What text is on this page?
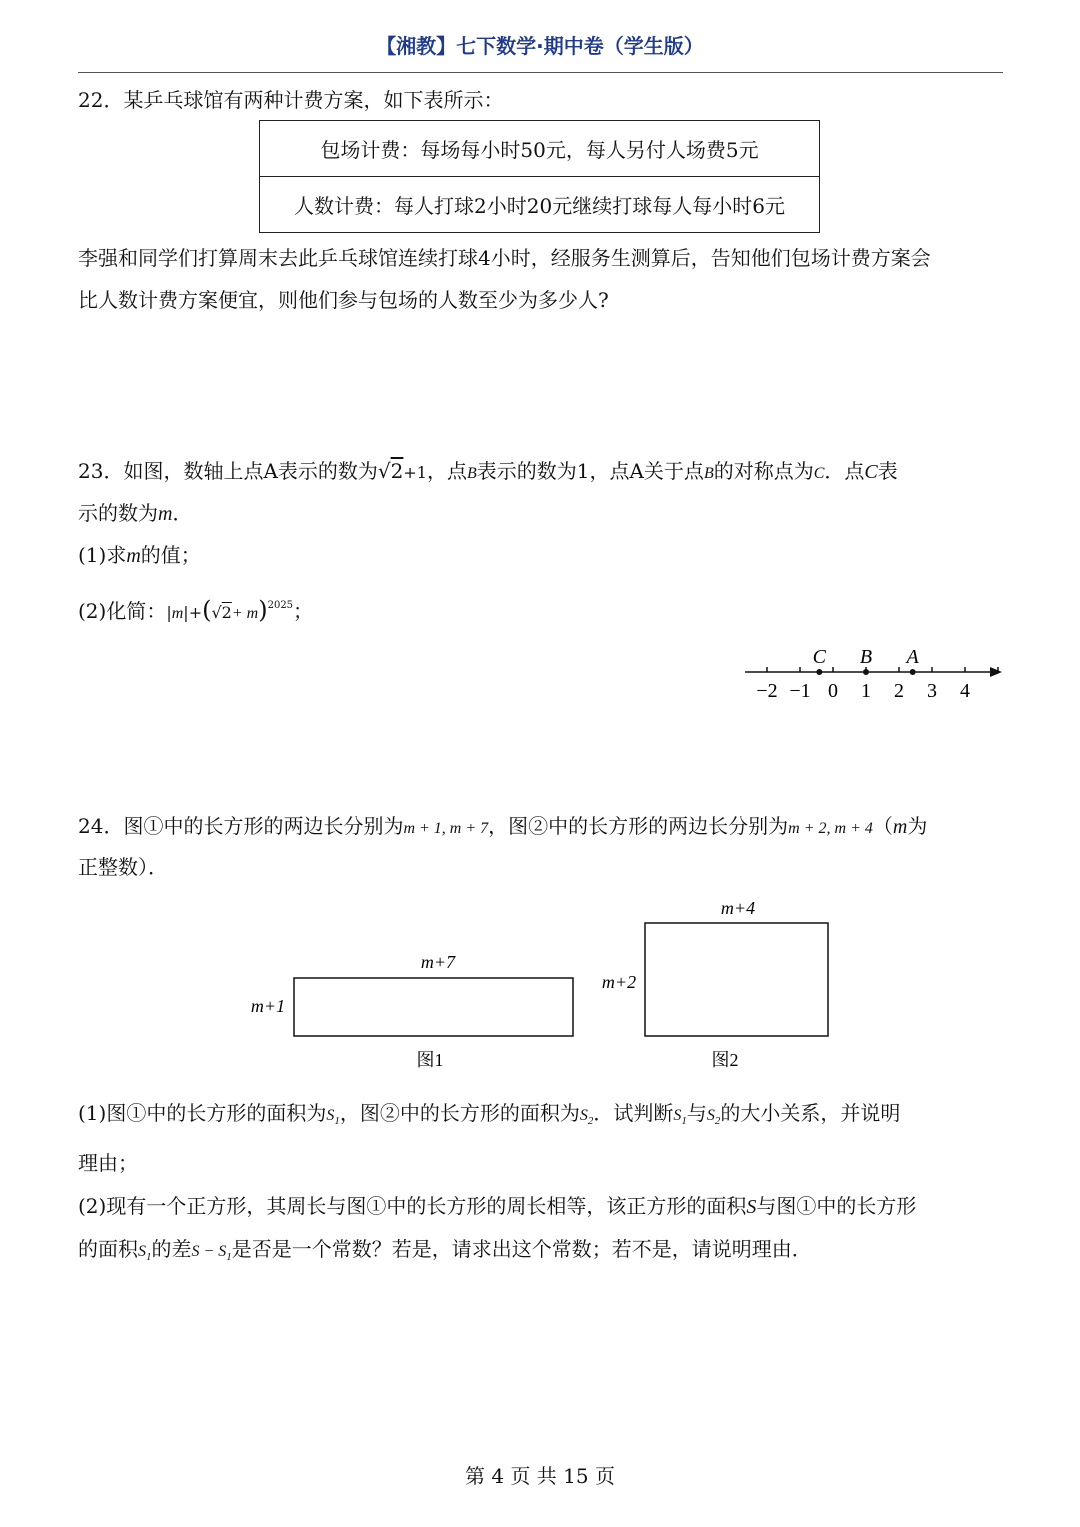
【湘教】七下数学·期中卷（学生版）
22．某乒乓球馆有两种计费方案，如下表所示：
包场计费：每场每小时50元，每人另付人场费5元
人数计费：每人打球2小时20元继续打球每人每小时6元
李强和同学们打算周末去此乒乓球馆连续打球4小时，经服务生测算后，告知他们包场计费方案会
比人数计费方案便宜，则他们参与包场的人数至少为多少人?
23．如图，数轴上点A表示的数为√2+1，点B表示的数为1，点A关于点B的对称点为C．点C表
示的数为m．
(1)求m的值；
(2)化简：$|m|+(√2+ m)^{2025}$；
−2 −1 0 1 2 3 4
C B A
24．图①中的长方形的两边长分别为m + 1, m + 7，图②中的长方形的两边长分别为m + 2, m + 4（m为
正整数）．
m+7
m+1
图1
m+4
m+2
图2
(1)图①中的长方形的面积为$S_1$，图②中的长方形的面积为$S_2$．试判断$S_1$与$S_2$的大小关系，并说明
理由；
(2)现有一个正方形，其周长与图①中的长方形的周长相等，该正方形的面积S与图①中的长方形
的面积$S_1$的差$S - S_1$是否是一个常数？若是，请求出这个常数；若不是，请说明理由．
第 4 页 共 15 页
